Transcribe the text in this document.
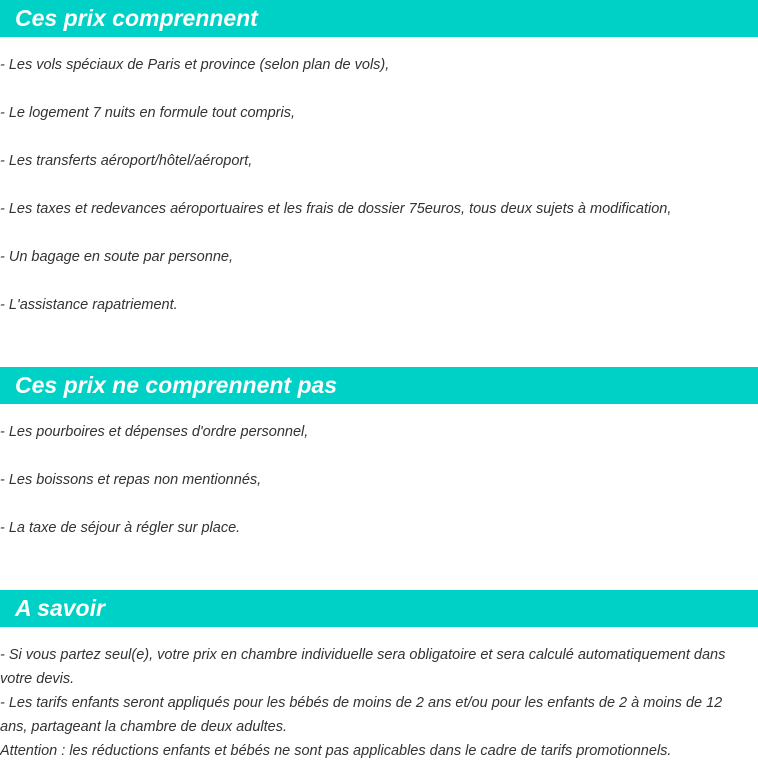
Ces prix comprennent
- Les vols spéciaux de Paris et province (selon plan de vols),
- Le logement 7 nuits en formule tout compris,
- Les transferts aéroport/hôtel/aéroport,
- Les taxes et redevances aéroportuaires et les frais de dossier 75euros, tous deux sujets à modification,
- Un bagage en soute par personne,
- L'assistance rapatriement.
Ces prix ne comprennent pas
- Les pourboires et dépenses d'ordre personnel,
- Les boissons et repas non mentionnés,
- La taxe de séjour à régler sur place.
A savoir
- Si vous partez seul(e), votre prix en chambre individuelle sera obligatoire et sera calculé automatiquement dans votre devis.
- Les tarifs enfants seront appliqués pour les bébés de moins de 2 ans et/ou pour les enfants de 2 à moins de 12 ans, partageant la chambre de deux adultes.
Attention : les réductions enfants et bébés ne sont pas applicables dans le cadre de tarifs promotionnels.
